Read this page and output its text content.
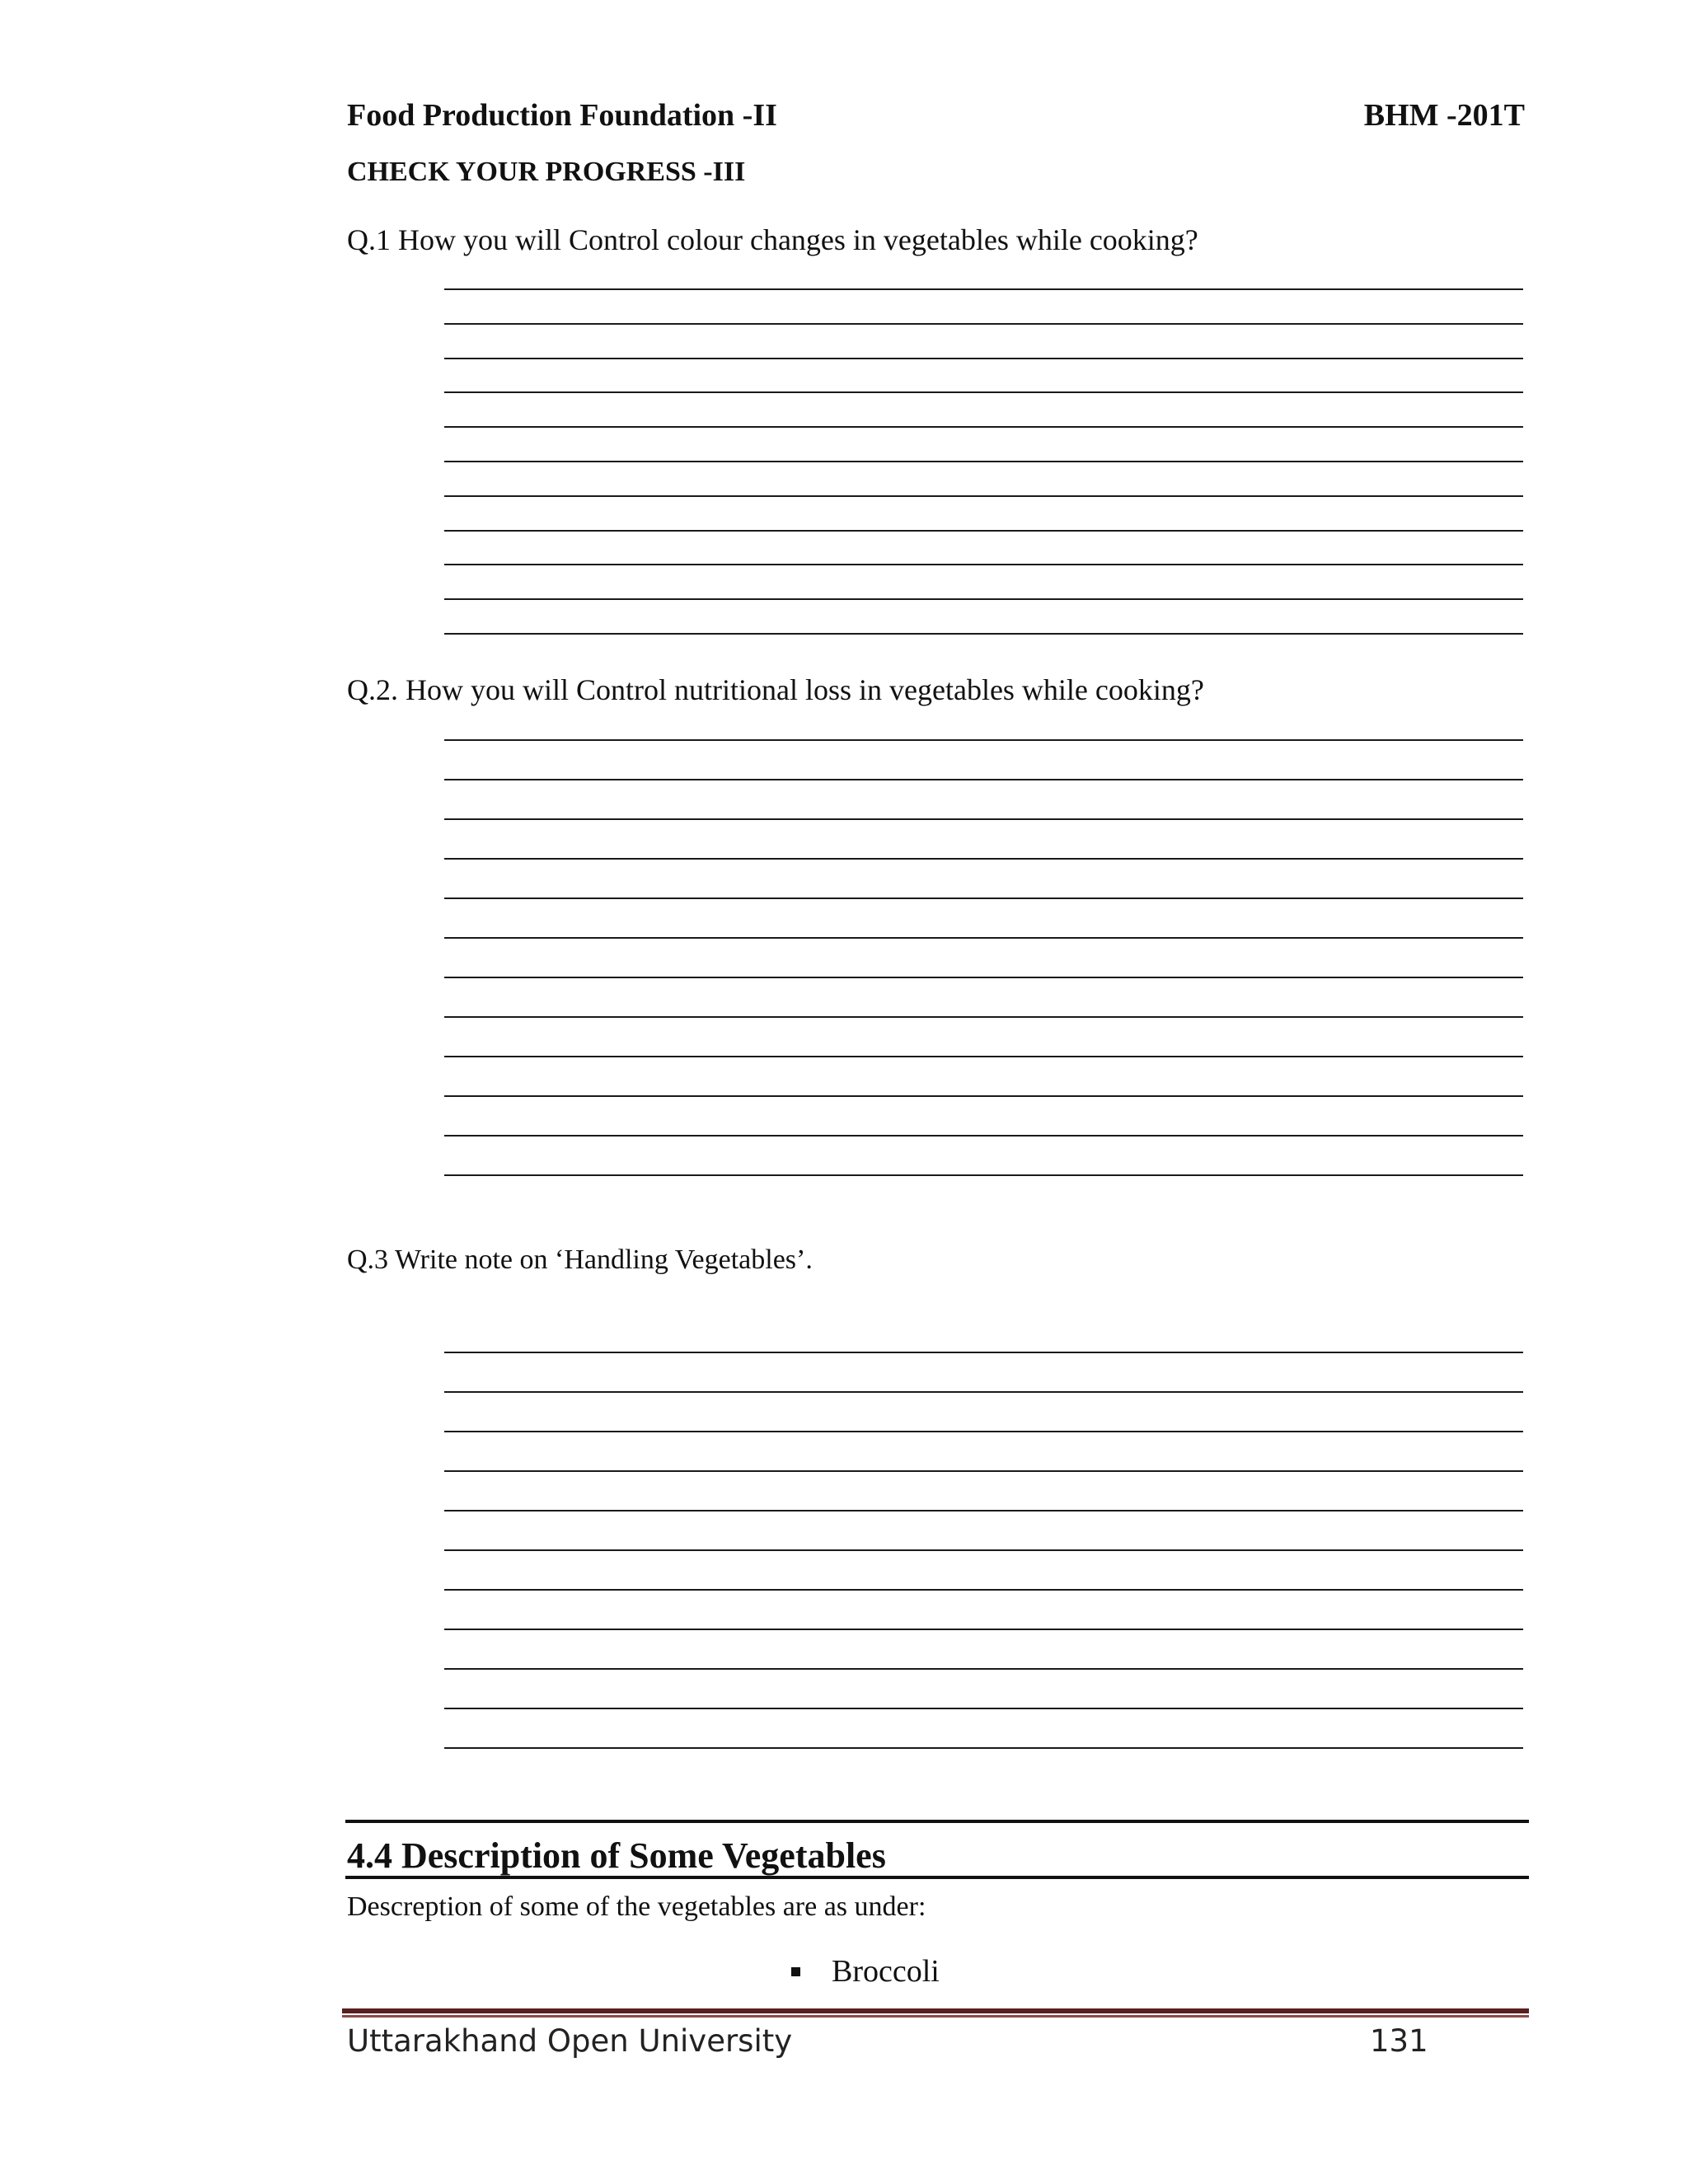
Food Production Foundation -II	BHM -201T
CHECK YOUR PROGRESS -III
Q.1 How you will Control colour changes in vegetables while cooking?
Q.2. How you will Control nutritional loss in vegetables while cooking?
Q.3 Write note on ‘Handling Vegetables’.
4.4 Description of Some Vegetables
Descreption of some of the vegetables are as under:
Broccoli
Uttarakhand Open University	131
